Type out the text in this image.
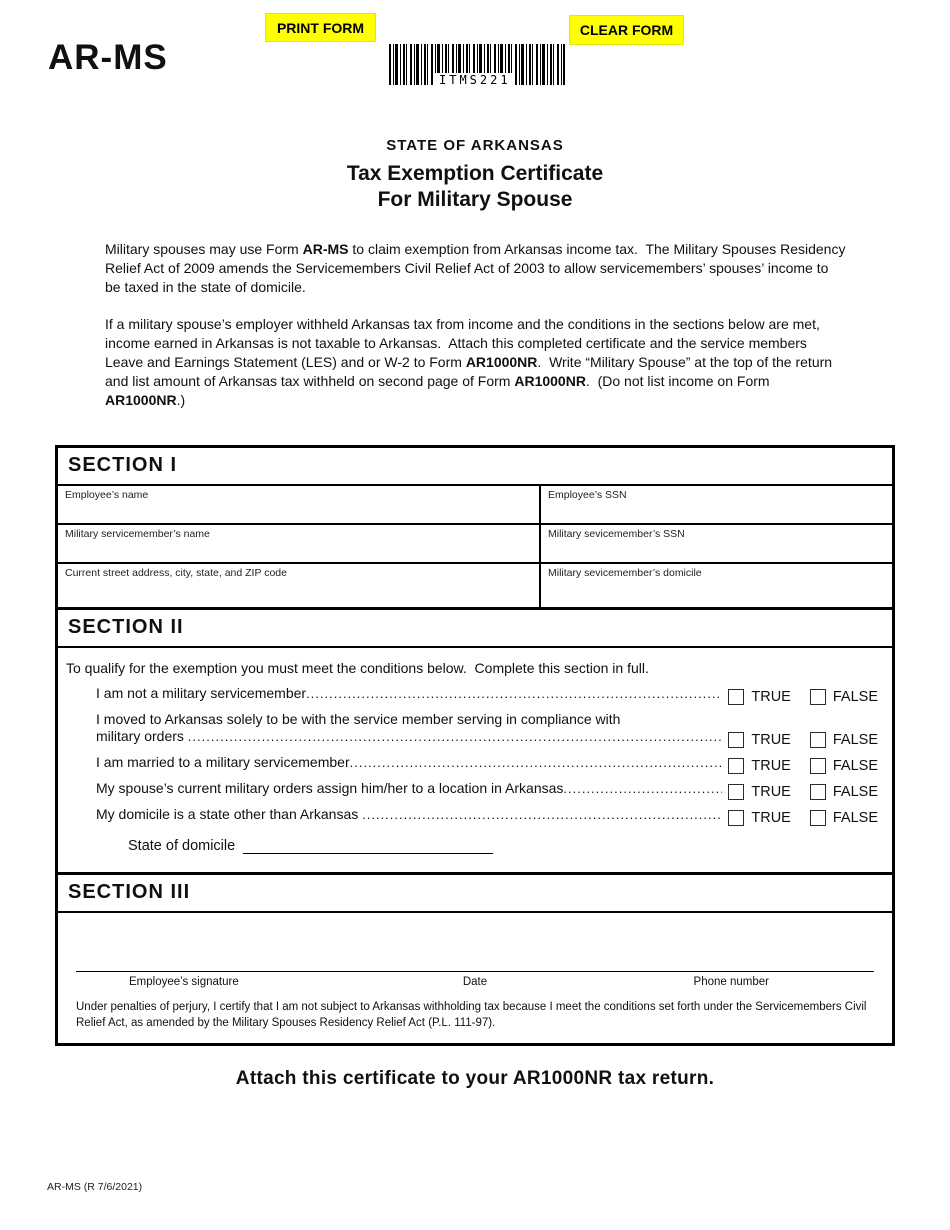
AR-MS
PRINT FORM	CLEAR FORM
ITMS221
STATE OF ARKANSAS
Tax Exemption Certificate
For Military Spouse

Military spouses may use Form AR-MS to claim exemption from Arkansas income tax.  The Military Spouses Residency Relief Act of 2009 amends the Servicemembers Civil Relief Act of 2003 to allow servicemembers’ spouses’ income to be taxed in the state of domicile.

If a military spouse’s employer withheld Arkansas tax from income and the conditions in the sections below are met, income earned in Arkansas is not taxable to Arkansas.  Attach this completed certificate and the service members Leave and Earnings Statement (LES) and or W-2 to Form AR1000NR.  Write “Military Spouse” at the top of the return and list amount of Arkansas tax withheld on second page of Form AR1000NR.  (Do not list income on Form AR1000NR.)

SECTION I
Employee’s name	Employee’s SSN
Military servicemember’s name	Military sevicemember’s SSN
Current street address, city, state, and ZIP code	Military sevicemember’s domicile
SECTION II
To qualify for the exemption you must meet the conditions below.  Complete this section in full.
I am not a military servicemember .....	TRUE	FALSE
I moved to Arkansas solely to be with the service member serving in compliance with
military orders .....	TRUE	FALSE
I am married to a military servicemember .....	TRUE	FALSE
My spouse’s current military orders assign him/her to a location in Arkansas .....	TRUE	FALSE
My domicile is a state other than Arkansas .....	TRUE	FALSE
State of domicile
SECTION III
Employee’s signature	Date	Phone number
Under penalties of perjury, I certify that I am not subject to Arkansas withholding tax because I meet the conditions set forth under the Servicemembers Civil Relief Act, as amended by the Military Spouses Residency Relief Act (P.L. 111-97).
Attach this certificate to your AR1000NR tax return.
AR-MS (R 7/6/2021)
